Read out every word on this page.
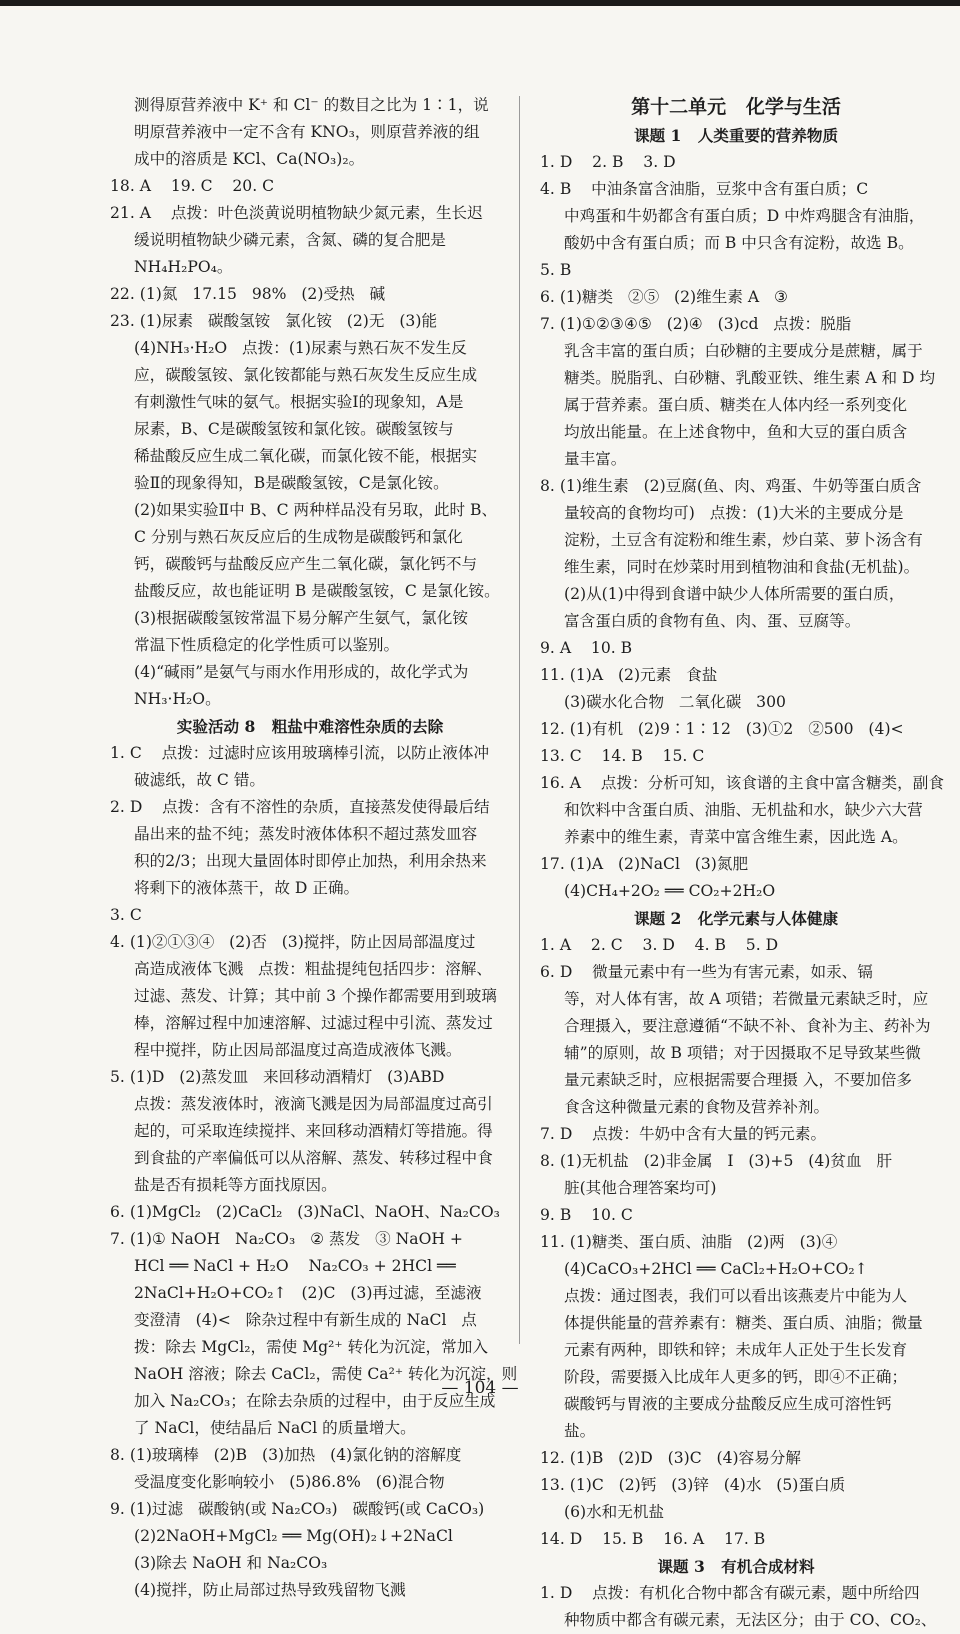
测得原营养液中 K⁺ 和 Cl⁻ 的数目之比为 1∶1，说
明原营养液中一定不含有 KNO₃，则原营养液的组
成中的溶质是 KCl、Ca(NO₃)₂。
18. A    19. C    20. C
21. A    点拨：叶色淡黄说明植物缺少氮元素，生长迟
缓说明植物缺少磷元素，含氮、磷的复合肥是
NH₄H₂PO₄。
22. (1)氮   17.15   98%   (2)受热   碱
23. (1)尿素   碳酸氢铵   氯化铵   (2)无   (3)能
(4)NH₃·H₂O   点拨：(1)尿素与熟石灰不发生反
应，碳酸氢铵、氯化铵都能与熟石灰发生反应生成
有刺激性气味的氨气。根据实验Ⅰ的现象知，A是
尿素，B、C是碳酸氢铵和氯化铵。碳酸氢铵与
稀盐酸反应生成二氧化碳，而氯化铵不能，根据实
验Ⅱ的现象得知，B是碳酸氢铵，C是氯化铵。
(2)如果实验Ⅱ中 B、C 两种样品没有另取，此时 B、
C 分别与熟石灰反应后的生成物是碳酸钙和氯化
钙，碳酸钙与盐酸反应产生二氧化碳，氯化钙不与
盐酸反应，故也能证明 B 是碳酸氢铵，C 是氯化铵。
(3)根据碳酸氢铵常温下易分解产生氨气，氯化铵
常温下性质稳定的化学性质可以鉴别。
(4)“碱雨”是氨气与雨水作用形成的，故化学式为
NH₃·H₂O。
实验活动 8   粗盐中难溶性杂质的去除
1. C    点拨：过滤时应该用玻璃棒引流，以防止液体冲
破滤纸，故 C 错。
2. D    点拨：含有不溶性的杂质，直接蒸发使得最后结
晶出来的盐不纯；蒸发时液体体积不超过蒸发皿容
积的2/3；出现大量固体时即停止加热，利用余热来
将剩下的液体蒸干，故 D 正确。
3. C
4. (1)②①③④   (2)否   (3)搅拌，防止因局部温度过
高造成液体飞溅   点拨：粗盐提纯包括四步：溶解、
过滤、蒸发、计算；其中前 3 个操作都需要用到玻璃
棒，溶解过程中加速溶解、过滤过程中引流、蒸发过
程中搅拌，防止因局部温度过高造成液体飞溅。
5. (1)D   (2)蒸发皿   来回移动酒精灯   (3)ABD
点拨：蒸发液体时，液滴飞溅是因为局部温度过高引
起的，可采取连续搅拌、来回移动酒精灯等措施。得
到食盐的产率偏低可以从溶解、蒸发、转移过程中食
盐是否有损耗等方面找原因。
6. (1)MgCl₂   (2)CaCl₂   (3)NaCl、NaOH、Na₂CO₃
7. (1)① NaOH   Na₂CO₃   ② 蒸发   ③ NaOH +
HCl ══ NaCl + H₂O    Na₂CO₃ + 2HCl ══
2NaCl+H₂O+CO₂↑   (2)C   (3)再过滤，至滤液
变澄清   (4)<   除杂过程中有新生成的 NaCl   点
拨：除去 MgCl₂，需使 Mg²⁺ 转化为沉淀，常加入
NaOH 溶液；除去 CaCl₂，需使 Ca²⁺ 转化为沉淀，则
加入 Na₂CO₃；在除去杂质的过程中，由于反应生成
了 NaCl，使结晶后 NaCl 的质量增大。
8. (1)玻璃棒   (2)B   (3)加热   (4)氯化钠的溶解度
受温度变化影响较小   (5)86.8%   (6)混合物
9. (1)过滤   碳酸钠(或 Na₂CO₃)   碳酸钙(或 CaCO₃)
(2)2NaOH+MgCl₂ ══ Mg(OH)₂↓+2NaCl
(3)除去 NaOH 和 Na₂CO₃
(4)搅拌，防止局部过热导致残留物飞溅
第十二单元   化学与生活
课题 1   人类重要的营养物质
1. D    2. B    3. D
4. B    中油条富含油脂，豆浆中含有蛋白质；C
中鸡蛋和牛奶都含有蛋白质；D 中炸鸡腿含有油脂，
酸奶中含有蛋白质；而 B 中只含有淀粉，故选 B。
5. B
6. (1)糖类   ②⑤   (2)维生素 A   ③
7. (1)①②③④⑤   (2)④   (3)cd   点拨：脱脂
乳含丰富的蛋白质；白砂糖的主要成分是蔗糖，属于
糖类。脱脂乳、白砂糖、乳酸亚铁、维生素 A 和 D 均
属于营养素。蛋白质、糖类在人体内经一系列变化
均放出能量。在上述食物中，鱼和大豆的蛋白质含
量丰富。
8. (1)维生素   (2)豆腐(鱼、肉、鸡蛋、牛奶等蛋白质含
量较高的食物均可)   点拨：(1)大米的主要成分是
淀粉，土豆含有淀粉和维生素，炒白菜、萝卜汤含有
维生素，同时在炒菜时用到植物油和食盐(无机盐)。
(2)从(1)中得到食谱中缺少人体所需要的蛋白质，
富含蛋白质的食物有鱼、肉、蛋、豆腐等。
9. A    10. B
11. (1)A   (2)元素   食盐
(3)碳水化合物   二氧化碳   300
12. (1)有机   (2)9∶1∶12   (3)①2   ②500   (4)<
13. C    14. B    15. C
16. A    点拨：分析可知，该食谱的主食中富含糖类，副食
和饮料中含蛋白质、油脂、无机盐和水，缺少六大营
养素中的维生素，青菜中富含维生素，因此选 A。
17. (1)A   (2)NaCl   (3)氮肥
(4)CH₄+2O₂ ══ CO₂+2H₂O
课题 2   化学元素与人体健康
1. A    2. C    3. D    4. B    5. D
6. D    微量元素中有一些为有害元素，如汞、镉
等，对人体有害，故 A 项错；若微量元素缺乏时，应
合理摄入，要注意遵循“不缺不补、食补为主、药补为
辅”的原则，故 B 项错；对于因摄取不足导致某些微
量元素缺乏时，应根据需要合理摄 入，不要加倍多
食含这种微量元素的食物及营养补剂。
7. D    点拨：牛奶中含有大量的钙元素。
8. (1)无机盐   (2)非金属   I   (3)+5   (4)贫血   肝
脏(其他合理答案均可)
9. B    10. C
11. (1)糖类、蛋白质、油脂   (2)两   (3)④
(4)CaCO₃+2HCl ══ CaCl₂+H₂O+CO₂↑
点拨：通过图表，我们可以看出该燕麦片中能为人
体提供能量的营养素有：糖类、蛋白质、油脂；微量
元素有两种，即铁和锌；未成年人正处于生长发育
阶段，需要摄入比成年人更多的钙，即④不正确；
碳酸钙与胃液的主要成分盐酸反应生成可溶性钙
盐。
12. (1)B   (2)D   (3)C   (4)容易分解
13. (1)C   (2)钙   (3)锌   (4)水   (5)蛋白质
(6)水和无机盐
14. D    15. B    16. A    17. B
课题 3   有机合成材料
1. D    点拨：有机化合物中都含有碳元素，题中所给四
种物质中都含有碳元素，无法区分；由于 CO、CO₂、
— 104 —
